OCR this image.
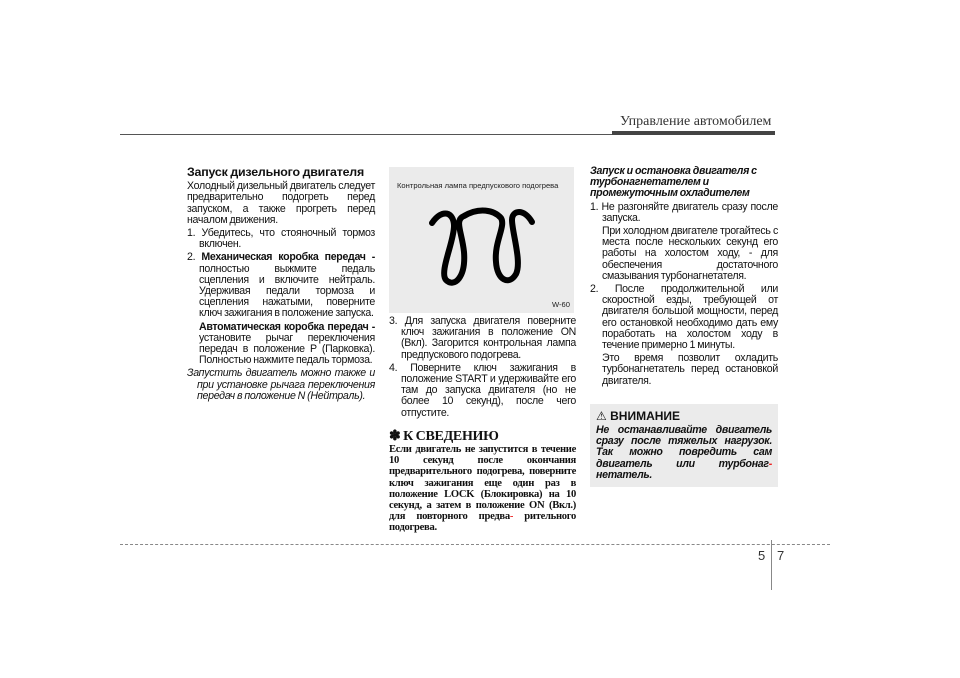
Управление автомобилем
Запуск дизельного двигателя

Холодный дизельный двигатель следует предварительно подогреть перед запуском, а также прогреть перед началом движения.

1. Убедитесь, что стояночный тормоз включен.
2. Механическая коробка передач - полностью выжмите педаль сцепления и включите нейтраль. Удерживая педали тормоза и сцепления нажатыми, поверните ключ зажигания в положение запуска.
Автоматическая коробка передач - установите рычаг переключения передач в положение P (Парковка). Полностью нажмите педаль тормоза.
Запустить двигатель можно также и при установке рычага переключения передач в положение N (Нейтраль).
Контрольная лампа предпускового подогрева
W-60
3. Для запуска двигателя поверните ключ зажигания в положение ON (Вкл). Загорится контрольная лампа предпускового подогрева.
4. Поверните ключ зажигания в положение START и удерживайте его там до запуска двигателя (но не более 10 секунд), после чего отпустите.
✽ К СВЕДЕНИЮ
Если двигатель не запустится в течение 10 секунд после окончания предварительного подогрева, поверните ключ зажигания еще один раз в положение LOCK (Блокировка) на 10 секунд, а затем в положение ON (Вкл.) для повторного предва- рительного подогрева.
Запуск и остановка двигателя с турбонагнетателем и промежуточным охладителем
1. Не разгоняйте двигатель сразу после запуска.
При холодном двигателе трогайтесь с места после нескольких секунд его работы на холостом ходу, - для обеспечения достаточного смазывания турбонагнетателя.
2. После продолжительной или скоростной езды, требующей от двигателя большой мощности, перед его остановкой необходимо дать ему поработать на холостом ходу в течение примерно 1 минуты.
Это время позволит охладить турбонагнетатель перед остановкой двигателя.
⚠ ВНИМАНИЕ
Не останавливайте двигатель сразу после тяжелых нагрузок. Так можно повредить сам двигатель или турбонаг- нетатель.
5 7
